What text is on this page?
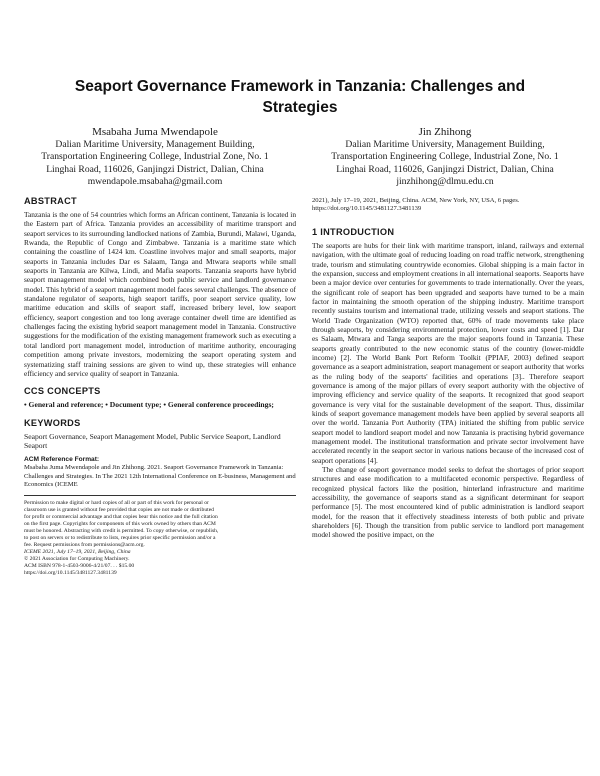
Seaport Governance Framework in Tanzania: Challenges and Strategies
Msabaha Juma Mwendapole
Dalian Maritime University, Management Building,
Transportation Engineering College, Industrial Zone, No. 1
Linghai Road, 116026, Ganjingzi District, Dalian, China
mwendapole.msabaha@gmail.com
Jin Zhihong
Dalian Maritime University, Management Building,
Transportation Engineering College, Industrial Zone, No. 1
Linghai Road, 116026, Ganjingzi District, Dalian, China
jinzhihong@dlmu.edu.cn
ABSTRACT

Tanzania is the one of 54 countries which forms an African continent, Tanzania is located in the Eastern part of Africa. Tanzania provides an accessibility of maritime transport and seaport services to its surrounding landlocked nations of Zambia, Burundi, Malawi, Uganda, Rwanda, the Republic of Congo and Zimbabwe. Tanzania is a maritime state which containing the coastline of 1424 km. Coastline involves major and small seaports, major seaports in Tanzania includes Dar es Salaam, Tanga and Mtwara seaports while small seaports in Tanzania are Kilwa, Lindi, and Mafia seaports. Tanzania seaports have hybrid seaport management model which combined both public service and landlord governance model. This hybrid of a seaport management model faces several challenges. The absence of standalone regulator of seaports, high seaport tariffs, poor seaport service quality, low maritime education and skills of seaport staff, increased bribery level, low seaport efficiency, seaport congestion and too long average container dwell time are identified as challenges facing the existing hybrid seaport management model in Tanzania. Constructive suggestions for the modification of the existing management framework such as executing a total landlord port management model, introduction of maritime authority, encouraging competition among private investors, modernizing the seaport operating system and systematizing staff training sessions are given to wind up, these strategies will enhance efficiency and service quality of seaport in Tanzania.

CCS CONCEPTS

• General and reference; • Document type; • General conference proceedings;

KEYWORDS

Seaport Governance, Seaport Management Model, Public Service Seaport, Landlord Seaport

ACM Reference Format:

Msabaha Juma Mwendapole and Jin Zhihong. 2021. Seaport Governance Framework in Tanzania: Challenges and Strategies. In The 2021 12th International Conference on E-business, Management and Economics (ICEME

Permission to make digital or hard copies of all or part of this work for personal or
classroom use is granted without fee provided that copies are not made or distributed
for profit or commercial advantage and that copies bear this notice and the full citation
on the first page. Copyrights for components of this work owned by others than ACM
must be honored. Abstracting with credit is permitted. To copy otherwise, or republish,
to post on servers or to redistribute to lists, requires prior specific permission and/or a
fee. Request permissions from permissions@acm.org.
ICEME 2021, July 17–19, 2021, Beijing, China
© 2021 Association for Computing Machinery.
ACM ISBN 978-1-4503-9006-4/21/07. . . $15.00
https://doi.org/10.1145/3481127.3481139

2021), July 17–19, 2021, Beijing, China. ACM, New York, NY, USA, 6 pages. https://doi.org/10.1145/3481127.3481139

1 INTRODUCTION

The seaports are hubs for their link with maritime transport, inland, railways and external navigation, with the ultimate goal of reducing loading on road traffic network, strengthening trade, tourism and stimulating countrywide economies. Global shipping is a main factor in the expansion, success and employment creations in all international seaports. Seaports have been a major device over centuries for governments to trade internationally. Over the years, the significant role of seaport has been upgraded and seaports have turned to be a main factor in maintaining the smooth operation of the shipping industry. Maritime transport recently sustains tourism and international trade, utilizing vessels and seaport stations. The World Trade Organization (WTO) reported that, 60% of trade movements take place through seaports, by considering environmental protection, lower costs and speed [1]. Dar es Salaam, Mtwara and Tanga seaports are the major seaports found in Tanzania. These seaports greatly contributed to the new economic status of the country (lower-middle income) [2]. The World Bank Port Reform Toolkit (PPIAF, 2003) defined seaport governance as a seaport administration, seaport management or seaport authority that works as the ruling body of the seaports' facilities and operations [3].. Therefore seaport governance is among of the major pillars of every seaport authority with the objective of improving efficiency and service quality of the seaports. It recognized that good seaport governance is very vital for the sustainable development of the seaport. Thus, dissimilar kinds of seaport governance management models have been applied by several seaports all over the world. Tanzania Port Authority (TPA) initiated the shifting from public service seaport model to landlord seaport model and now Tanzania is practising hybrid governance management model. The institutional transformation and private sector involvement have accelerated recently in the seaport sector in various nations because of the increased cost of seaport operations [4].

The change of seaport governance model seeks to defeat the shortages of prior seaport structures and ease modification to a multifaceted economic perspective. Regardless of recognized physical factors like the position, hinterland infrastructure and maritime accessibility, the governance of seaports stand as a significant determinant for seaport performance [5]. The most encountered kind of public administration is landlord seaport model, for the reason that it effectively steadiness interests of both public and private shareholders [6]. Though the transition from public service to landlord port management model showed the positive impact, on the
